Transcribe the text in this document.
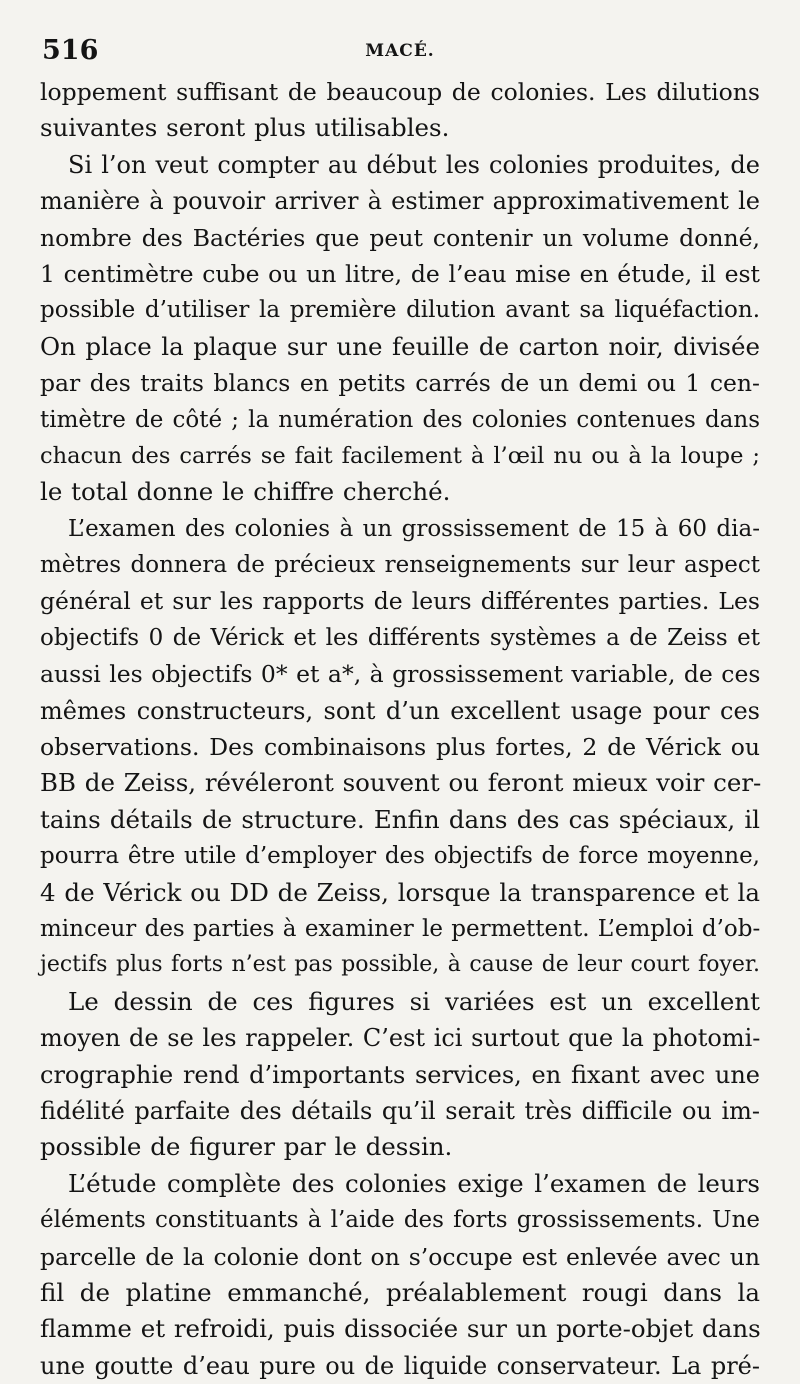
516	MACÉ.
loppement suffisant de beaucoup de colonies. Les dilutions
suivantes seront plus utilisables.
Si l’on veut compter au début les colonies produites, de
manière à pouvoir arriver à estimer approximativement le
nombre des Bactéries que peut contenir un volume donné,
1 centimètre cube ou un litre, de l’eau mise en étude, il est
possible d’utiliser la première dilution avant sa liquéfaction.
On place la plaque sur une feuille de carton noir, divisée
par des traits blancs en petits carrés de un demi ou 1 cen-
timètre de côté ; la numération des colonies contenues dans
chacun des carrés se fait facilement à l’œil nu ou à la loupe ;
le total donne le chiffre cherché.
L’examen des colonies à un grossissement de 15 à 60 dia-
mètres donnera de précieux renseignements sur leur aspect
général et sur les rapports de leurs différentes parties. Les
objectifs 0 de Vérick et les différents systèmes a de Zeiss et
aussi les objectifs 0* et a*, à grossissement variable, de ces
mêmes constructeurs, sont d’un excellent usage pour ces
observations. Des combinaisons plus fortes, 2 de Vérick ou
BB de Zeiss, révéleront souvent ou feront mieux voir cer-
tains détails de structure. Enfin dans des cas spéciaux, il
pourra être utile d’employer des objectifs de force moyenne,
4 de Vérick ou DD de Zeiss, lorsque la transparence et la
minceur des parties à examiner le permettent. L’emploi d’ob-
jectifs plus forts n’est pas possible, à cause de leur court foyer.
Le dessin de ces figures si variées est un excellent
moyen de se les rappeler. C’est ici surtout que la photomi-
crographie rend d’importants services, en fixant avec une
fidélité parfaite des détails qu’il serait très difficile ou im-
possible de figurer par le dessin.
L’étude complète des colonies exige l’examen de leurs
éléments constituants à l’aide des forts grossissements. Une
parcelle de la colonie dont on s’occupe est enlevée avec un
fil de platine emmanché, préalablement rougi dans la
flamme et refroidi, puis dissociée sur un porte-objet dans
une goutte d’eau pure ou de liquide conservateur. La pré-
